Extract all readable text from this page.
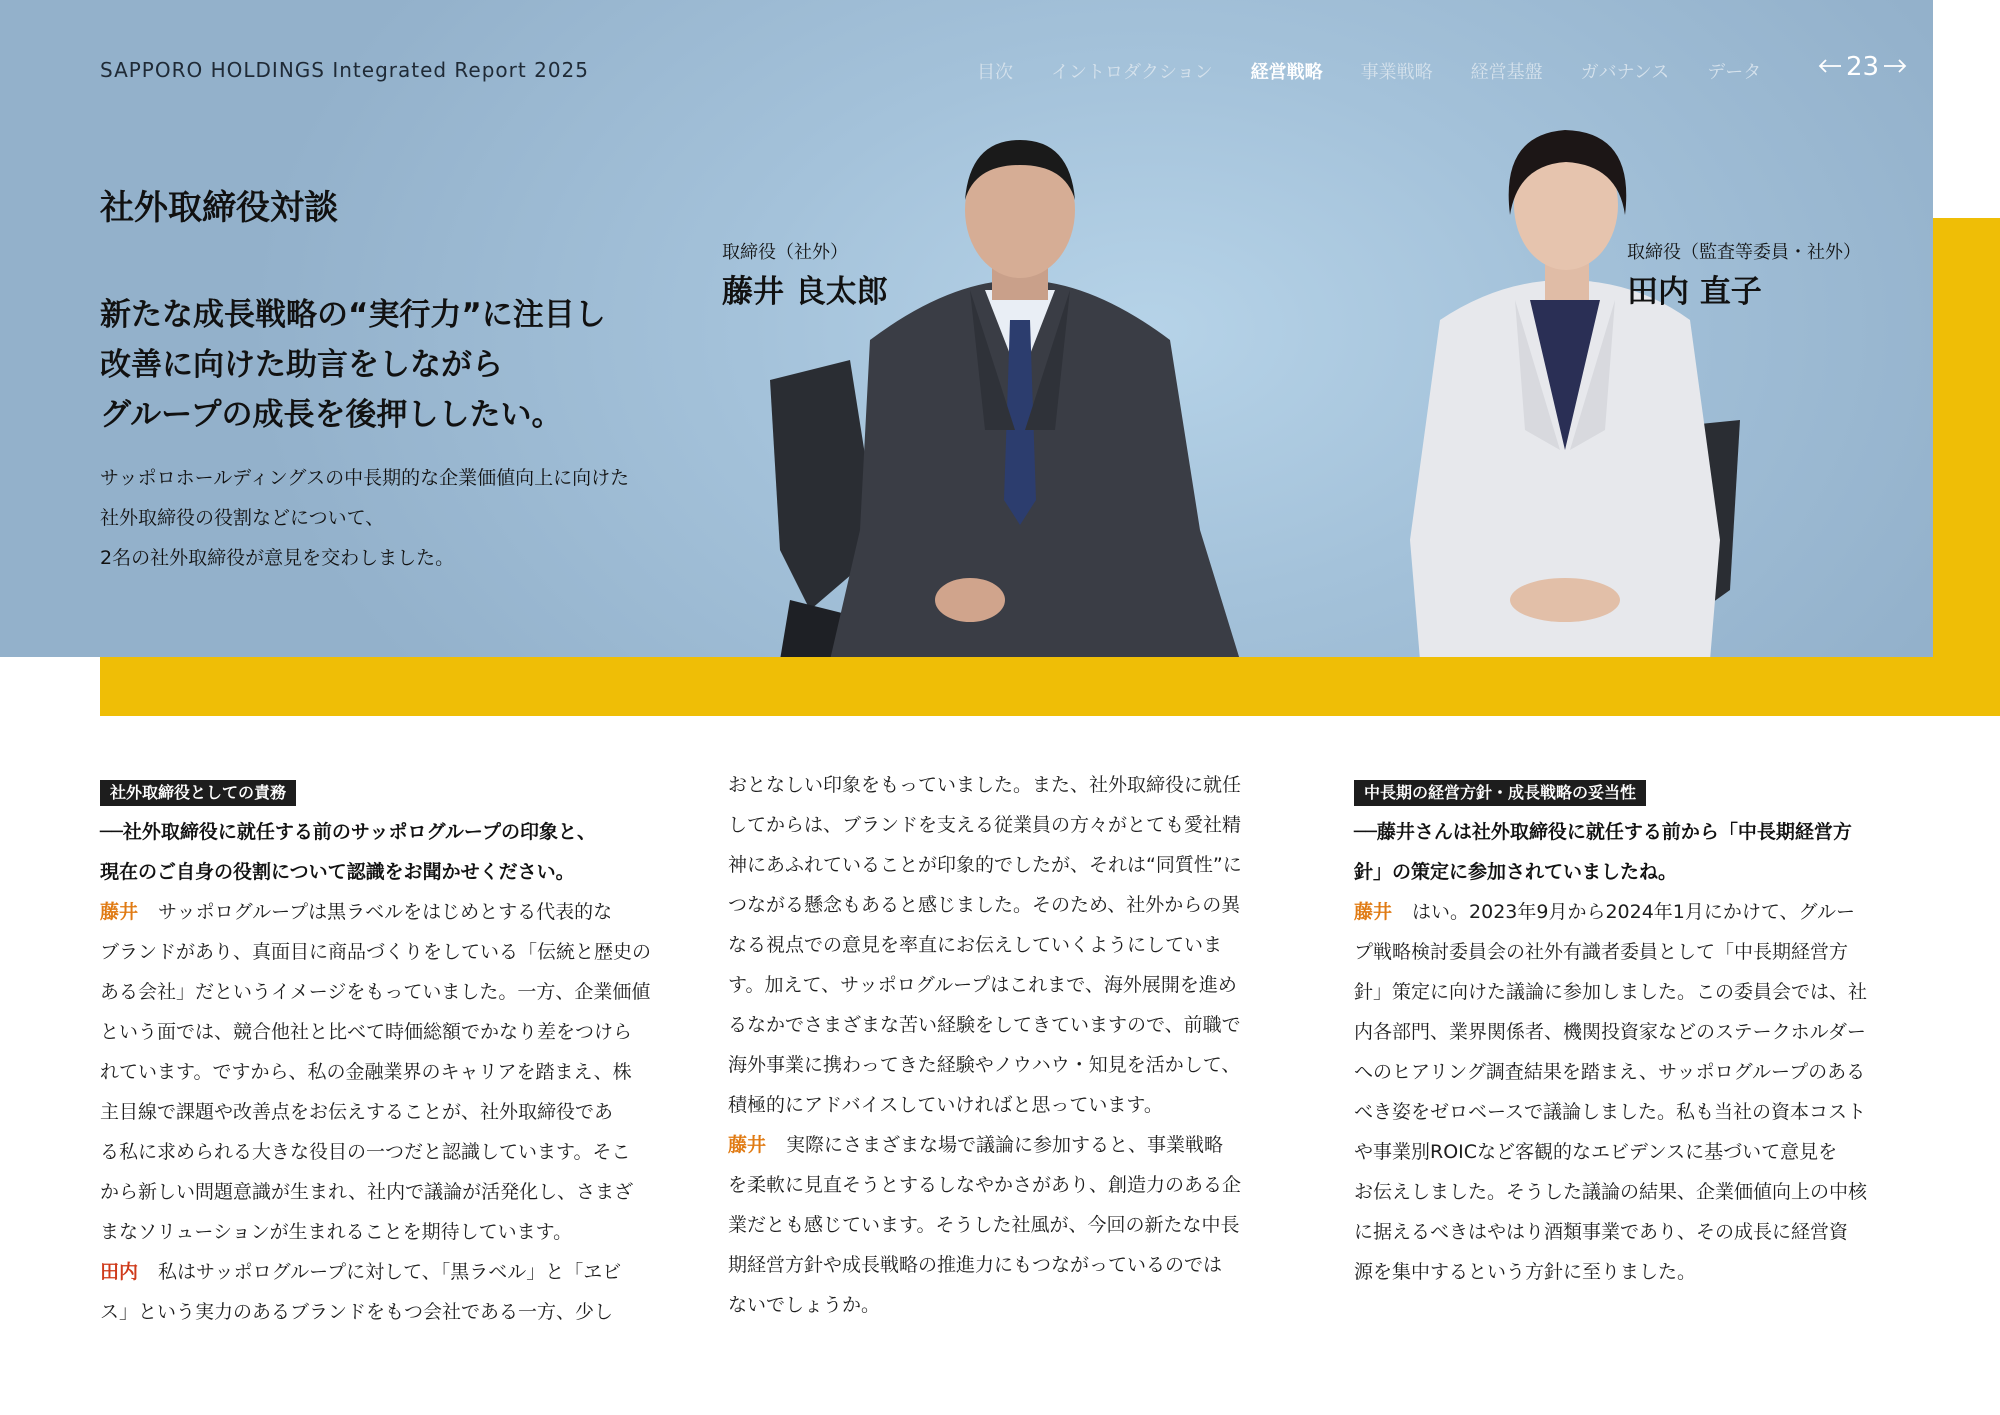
SAPPORO HOLDINGS Integrated Report 2025	目次 イントロダクション 経営戦略 事業戦略 経営基盤 ガバナンス データ	23
社外取締役対談
新たな成長戦略の“実行力”に注目し
改善に向けた助言をしながら
グループの成長を後押ししたい。
サッポロホールディングスの中長期的な企業価値向上に向けた
社外取締役の役割などについて、
2名の社外取締役が意見を交わしました。
取締役（社外）
藤井 良太郎
取締役（監査等委員・社外）
田内 直子
社外取締役としての責務
──社外取締役に就任する前のサッポログループの印象と、
現在のご自身の役割について認識をお聞かせください。
藤井 サッポログループは黒ラベルをはじめとする代表的な
ブランドがあり、真面目に商品づくりをしている「伝統と歴史の
ある会社」だというイメージをもっていました。一方、企業価値
という面では、競合他社と比べて時価総額でかなり差をつけら
れています。ですから、私の金融業界のキャリアを踏まえ、株
主目線で課題や改善点をお伝えすることが、社外取締役であ
る私に求められる大きな役目の一つだと認識しています。そこ
から新しい問題意識が生まれ、社内で議論が活発化し、さまざ
まなソリューションが生まれることを期待しています。
田内 私はサッポログループに対して、「黒ラベル」と「ヱビ
ス」という実力のあるブランドをもつ会社である一方、少し
おとなしい印象をもっていました。また、社外取締役に就任
してからは、ブランドを支える従業員の方々がとても愛社精
神にあふれていることが印象的でしたが、それは“同質性”に
つながる懸念もあると感じました。そのため、社外からの異
なる視点での意見を率直にお伝えしていくようにしていま
す。加えて、サッポログループはこれまで、海外展開を進め
るなかでさまざまな苦い経験をしてきていますので、前職で
海外事業に携わってきた経験やノウハウ・知見を活かして、
積極的にアドバイスしていければと思っています。
藤井 実際にさまざまな場で議論に参加すると、事業戦略
を柔軟に見直そうとするしなやかさがあり、創造力のある企
業だとも感じています。そうした社風が、今回の新たな中長
期経営方針や成長戦略の推進力にもつながっているのでは
ないでしょうか。
中長期の経営方針・成長戦略の妥当性
──藤井さんは社外取締役に就任する前から「中長期経営方
針」の策定に参加されていましたね。
藤井 はい。2023年9月から2024年1月にかけて、グルー
プ戦略検討委員会の社外有識者委員として「中長期経営方
針」策定に向けた議論に参加しました。この委員会では、社
内各部門、業界関係者、機関投資家などのステークホルダー
へのヒアリング調査結果を踏まえ、サッポログループのある
べき姿をゼロベースで議論しました。私も当社の資本コスト
や事業別ROICなど客観的なエビデンスに基づいて意見を
お伝えしました。そうした議論の結果、企業価値向上の中核
に据えるべきはやはり酒類事業であり、その成長に経営資
源を集中するという方針に至りました。
